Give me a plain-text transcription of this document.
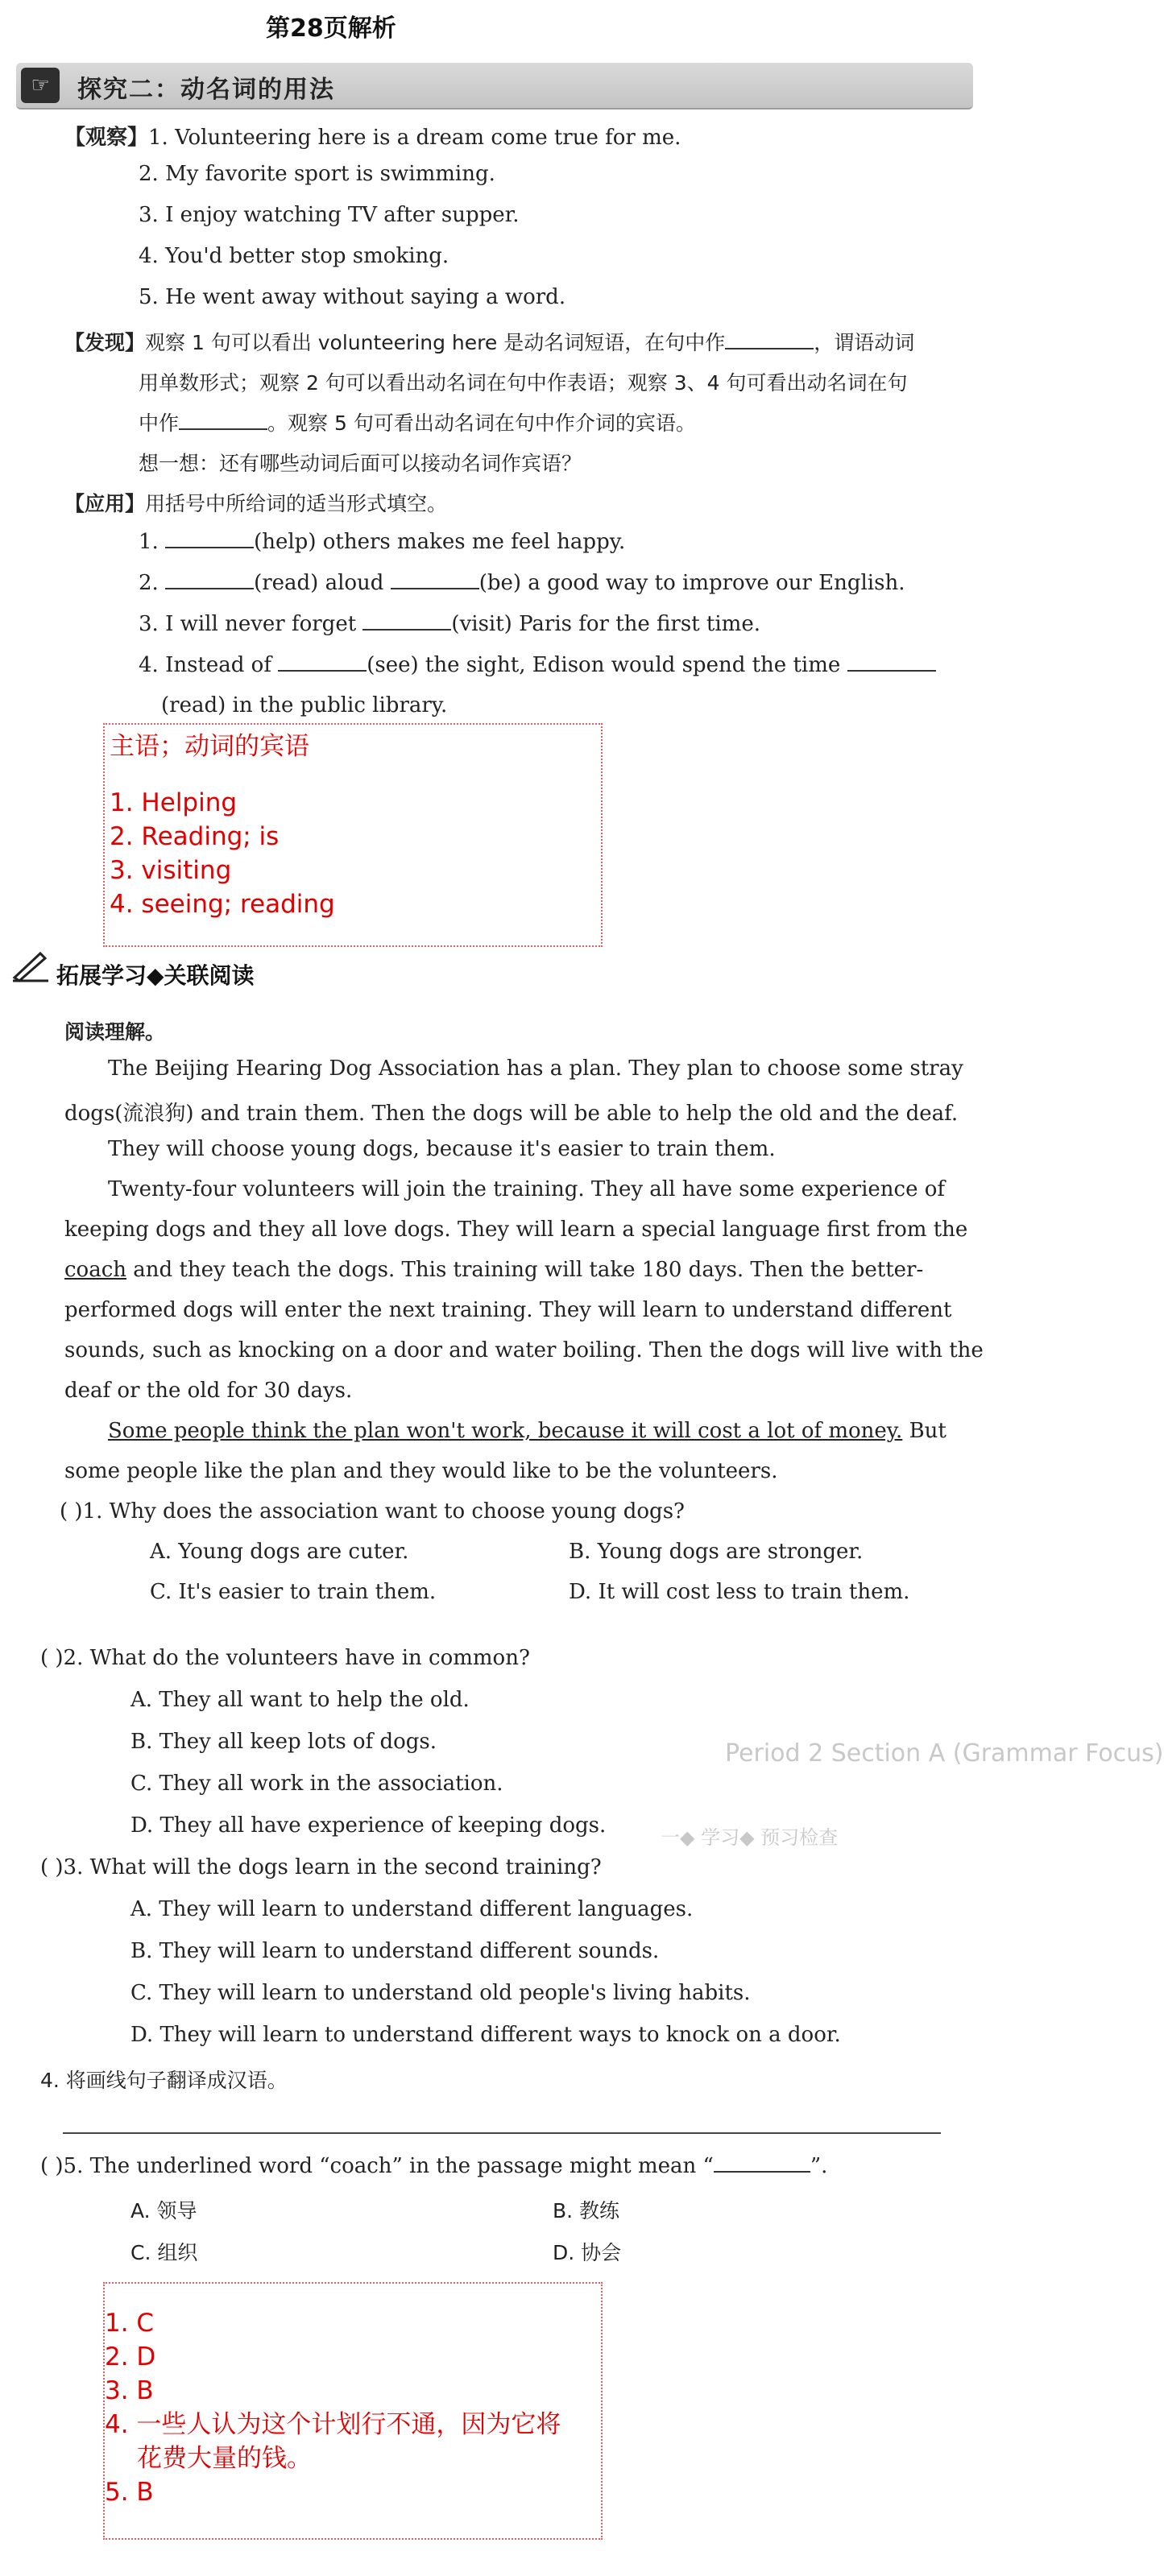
第28页解析
Period 2 Section A (Grammar Focus)
一◆ 学习◆ 预习检查
☞	探究二：动名词的用法
【观察】1. Volunteering here is a dream come true for me.
2. My favorite sport is swimming.
3. I enjoy watching TV after supper.
4. You'd better stop smoking.
5. He went away without saying a word.
【发现】观察 1 句可以看出 volunteering here 是动名词短语，在句中作	，谓语动词
用单数形式；观察 2 句可以看出动名词在句中作表语；观察 3、4 句可看出动名词在句
中作	。观察 5 句可看出动名词在句中作介词的宾语。
想一想：还有哪些动词后面可以接动名词作宾语？
【应用】用括号中所给词的适当形式填空。
1.	(help) others makes me feel happy.
2.	(read) aloud	(be) a good way to improve our English.
3. I will never forget	(visit) Paris for the first time.
4. Instead of	(see) the sight, Edison would spend the time
(read) in the public library.
主语；动词的宾语
1. Helping
2. Reading; is
3. visiting
4. seeing; reading
拓展学习◆关联阅读
阅读理解。
The Beijing Hearing Dog Association has a plan. They plan to choose some stray
dogs(流浪狗) and train them. Then the dogs will be able to help the old and the deaf.
They will choose young dogs, because it's easier to train them.
Twenty-four volunteers will join the training. They all have some experience of
keeping dogs and they all love dogs. They will learn a special language first from the
coach and they teach the dogs. This training will take 180 days. Then the better-
performed dogs will enter the next training. They will learn to understand different
sounds, such as knocking on a door and water boiling. Then the dogs will live with the
deaf or the old for 30 days.
Some people think the plan won't work, because it will cost a lot of money. But
some people like the plan and they would like to be the volunteers.
( )1. Why does the association want to choose young dogs?
A. Young dogs are cuter.	B. Young dogs are stronger.
C. It's easier to train them.	D. It will cost less to train them.
( )2. What do the volunteers have in common?
A. They all want to help the old.
B. They all keep lots of dogs.
C. They all work in the association.
D. They all have experience of keeping dogs.
( )3. What will the dogs learn in the second training?
A. They will learn to understand different languages.
B. They will learn to understand different sounds.
C. They will learn to understand old people's living habits.
D. They will learn to understand different ways to knock on a door.
4. 将画线句子翻译成汉语。
( )5. The underlined word “coach” in the passage might mean “	”.
A. 领导	B. 教练
C. 组织	D. 协会
1. C
2. D
3. B
4. 一些人认为这个计划行不通，因为它将
花费大量的钱。
5. B
